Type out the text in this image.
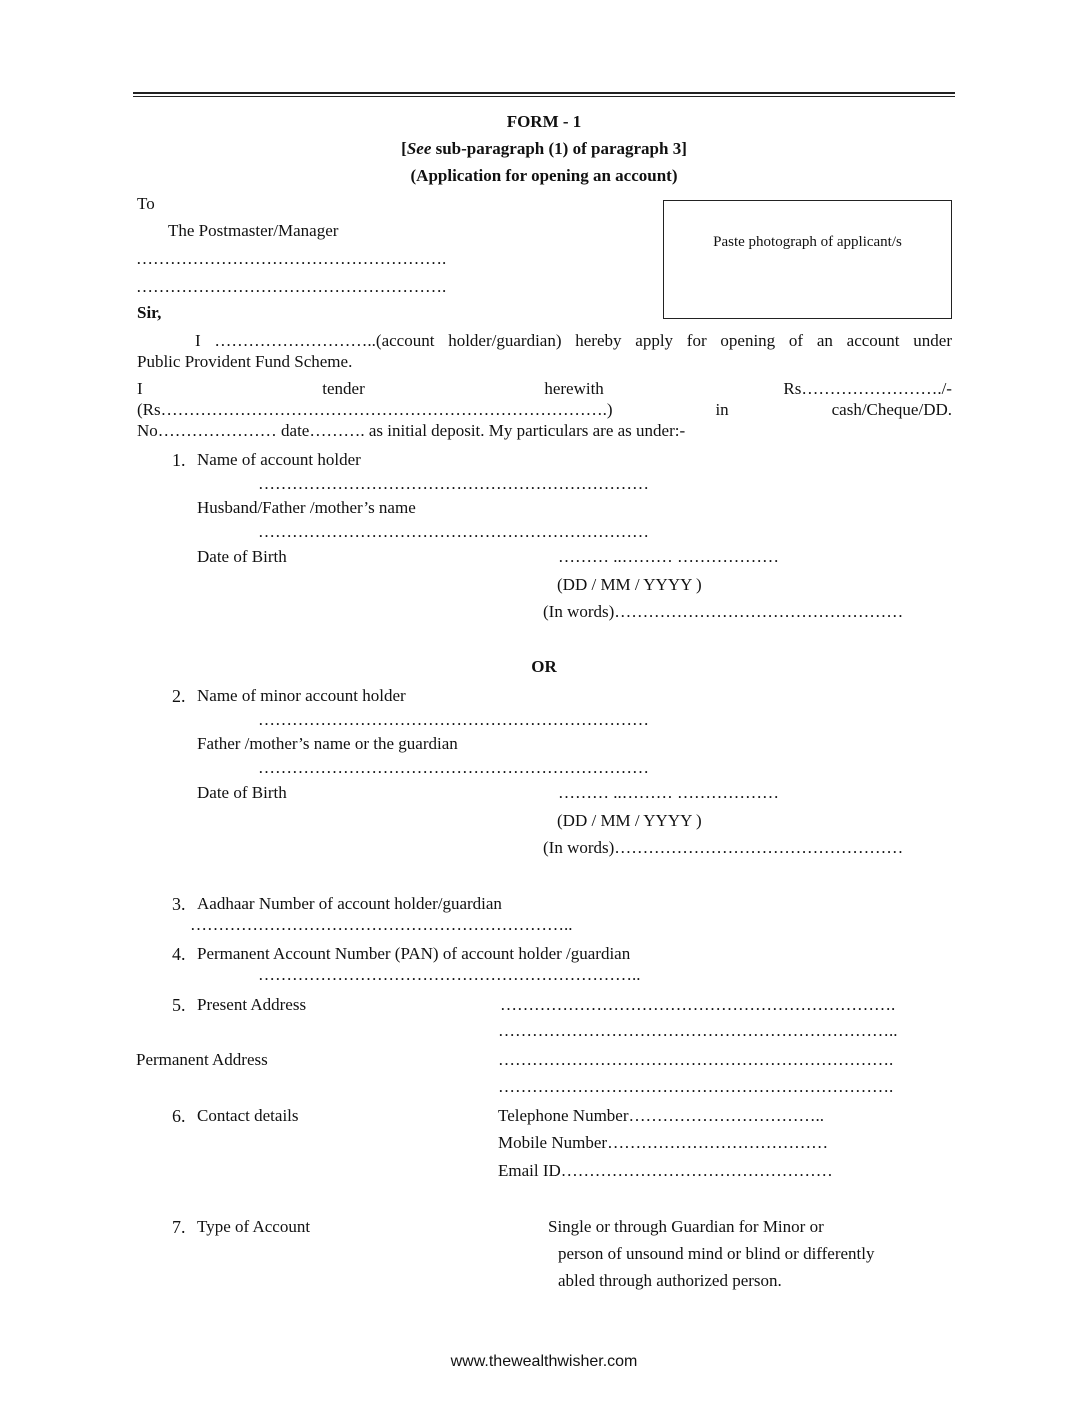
FORM - 1
[See sub-paragraph (1) of paragraph 3]
(Application for opening an account)
To
The Postmaster/Manager
……………………………………………….
……………………………………………….
Paste photograph of applicant/s
Sir,
I ………………………..(account holder/guardian) hereby apply for opening of an account under
Public Provident Fund Scheme.
I	tender	herewith	Rs……………………./-
(Rs…………………………………………………………………….)	in	cash/Cheque/DD.
No………………… date………. as initial deposit. My particulars are as under:-
1. Name of account holder
……………………………………………………………
Husband/Father /mother’s name
……………………………………………………………
Date of Birth	……… ..……… ………………
(DD / MM / YYYY )
(In words)……………………………………………
OR
2. Name of minor account holder
……………………………………………………………
Father /mother’s name or the guardian
……………………………………………………………
Date of Birth	……… ..……… ………………
(DD / MM / YYYY )
(In words)……………………………………………
3. Aadhaar Number of account holder/guardian
…………………………………………………………..
4. Permanent Account Number (PAN) of account holder /guardian
…………………………………………………………..
5. Present Address	…………………………………………………………….
……………………………………………………………..
Permanent Address	…………………………………………………………….
…………………………………………………………….
6. Contact details	Telephone Number……………………………..
Mobile Number…………………………………
Email ID…………………………………………
7. Type of Account	Single or through Guardian for Minor or
person of unsound mind or blind or differently
abled through authorized person.
www.thewealthwisher.com
